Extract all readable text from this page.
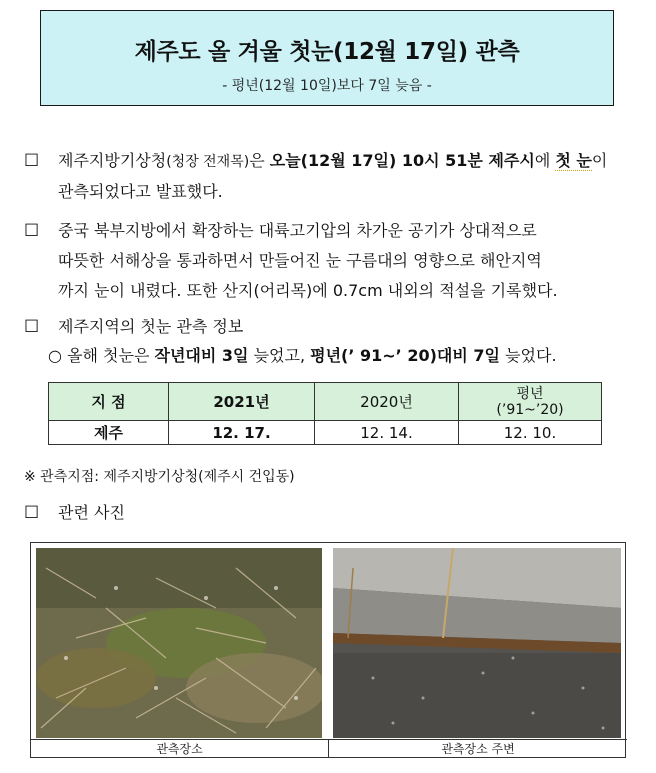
제주도 올 겨울 첫눈(12월 17일) 관측
- 평년(12월 10일)보다 7일 늦음 -
☐ 제주지방기상청(청장 전재목)은 오늘(12월 17일) 10시 51분 제주시에 첫 눈이
관측되었다고 발표했다.
☐ 중국 북부지방에서 확장하는 대륙고기압의 차가운 공기가 상대적으로
따뜻한 서해상을 통과하면서 만들어진 눈 구름대의 영향으로 해안지역
까지 눈이 내렸다. 또한 산지(어리목)에 0.7cm 내외의 적설을 기록했다.
☐ 제주지역의 첫눈 관측 정보
○ 올해 첫눈은 작년대비 3일 늦었고, 평년(’ 91~’ 20)대비 7일 늦었다.
지 점	2021년	2020년	평년
(’91~’20)

제주	12. 17.	12. 14.	12. 10.
※ 관측지점: 제주지방기상청(제주시 건입동)
☐ 관련 사진
관측장소	관측장소 주변
